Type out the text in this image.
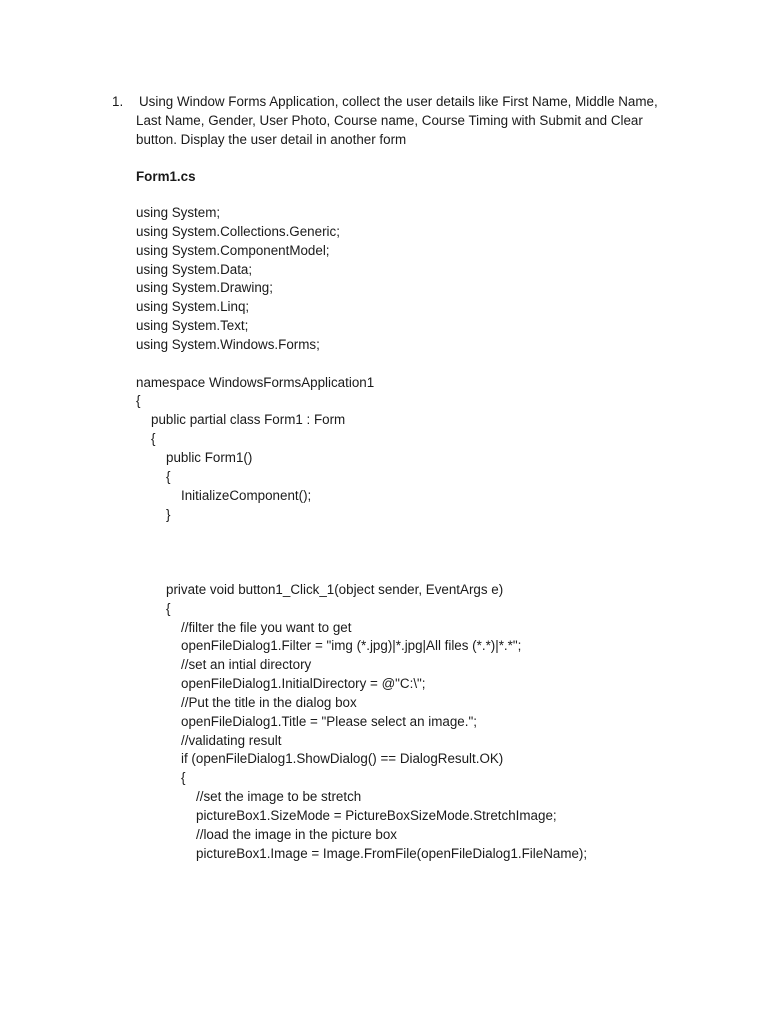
1. Using Window Forms Application, collect the user details like First Name, Middle Name,
Last Name, Gender, User Photo, Course name, Course Timing with Submit and Clear
button. Display the user detail in another form
Form1.cs
using System;
using System.Collections.Generic;
using System.ComponentModel;
using System.Data;
using System.Drawing;
using System.Linq;
using System.Text;
using System.Windows.Forms;
namespace WindowsFormsApplication1
{
public partial class Form1 : Form
{
public Form1()
{
InitializeComponent();
}
private void button1_Click_1(object sender, EventArgs e)
{
//filter the file you want to get
openFileDialog1.Filter = "img (*.jpg)|*.jpg|All files (*.*)|*.*";
//set an intial directory
openFileDialog1.InitialDirectory = @"C:\";
//Put the title in the dialog box
openFileDialog1.Title = "Please select an image.";
//validating result
if (openFileDialog1.ShowDialog() == DialogResult.OK)
{
//set the image to be stretch
pictureBox1.SizeMode = PictureBoxSizeMode.StretchImage;
//load the image in the picture box
pictureBox1.Image = Image.FromFile(openFileDialog1.FileName);
